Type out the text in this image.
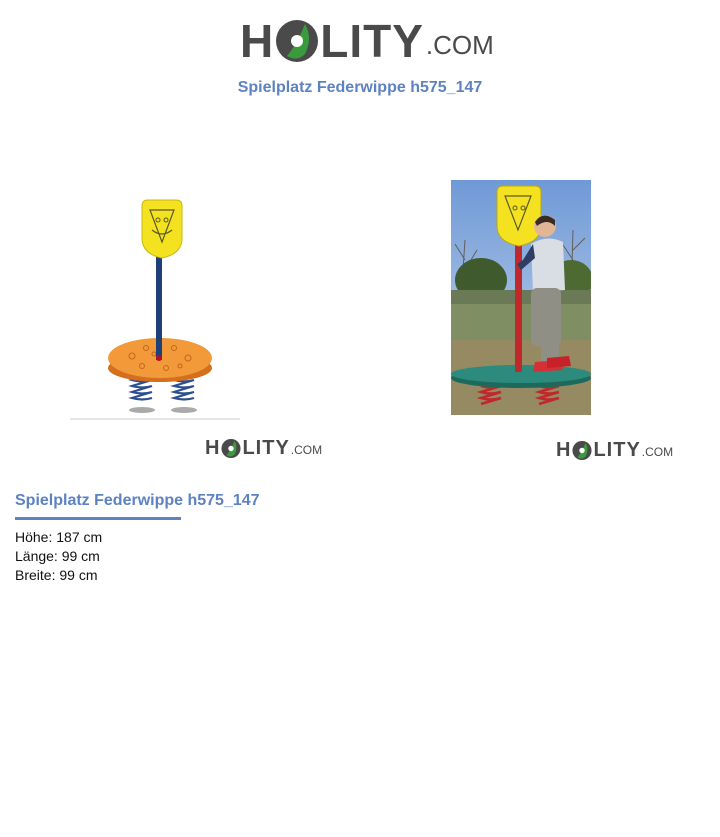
H LITY .COM
Spielplatz Federwippe h575_147
H LITY .COM	H LITY .COM
Spielplatz Federwippe h575_147
Höhe: 187 cm
Länge: 99 cm
Breite: 99 cm
